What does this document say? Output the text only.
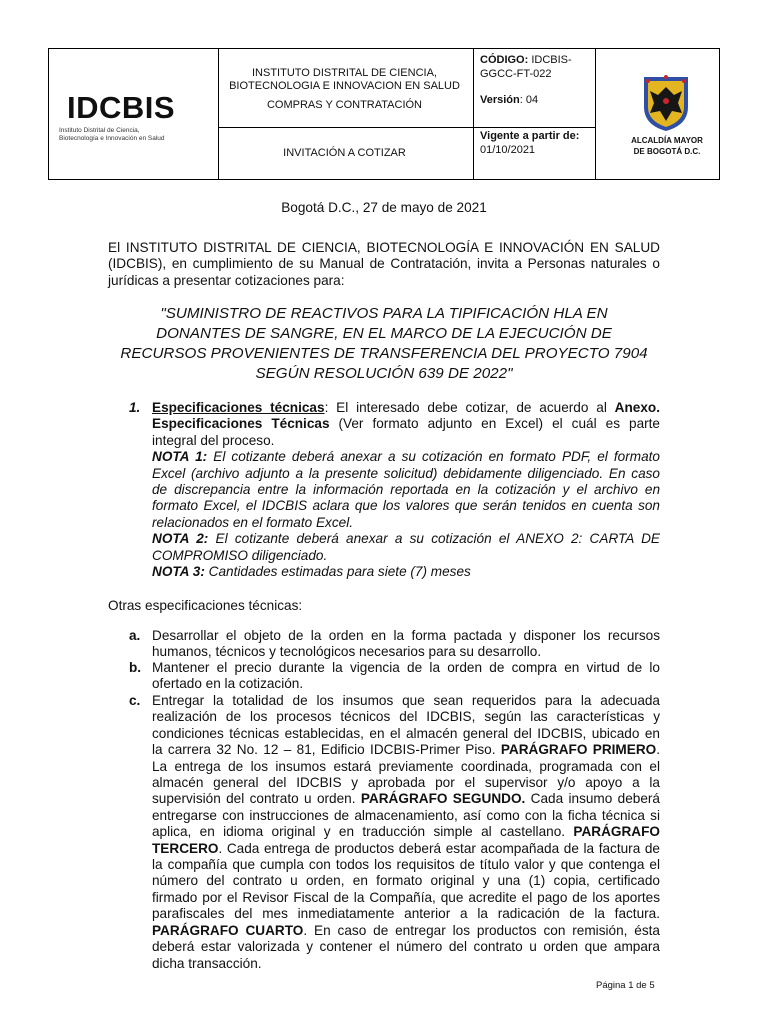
IDCBIS
Instituto Distrital de Ciencia,
Biotecnología e Innovación en Salud
INSTITUTO DISTRITAL DE CIENCIA,
BIOTECNOLOGIA E INNOVACION EN SALUD
COMPRAS Y CONTRATACIÓN
INVITACIÓN A COTIZAR
CÓDIGO: IDCBIS-
GGCC-FT-022
Versión: 04
Vigente a partir de:
01/10/2021
ALCALDÍA MAYOR
DE BOGOTÁ D.C.
Bogotá D.C., 27 de mayo de 2021
El INSTITUTO DISTRITAL DE CIENCIA, BIOTECNOLOGÍA E INNOVACIÓN EN SALUD
(IDCBIS), en cumplimiento de su Manual de Contratación, invita a Personas naturales o
jurídicas a presentar cotizaciones para:
"SUMINISTRO DE REACTIVOS PARA LA TIPIFICACIÓN HLA EN
DONANTES DE SANGRE, EN EL MARCO DE LA EJECUCIÓN DE
RECURSOS PROVENIENTES DE TRANSFERENCIA DEL PROYECTO 7904
SEGÚN RESOLUCIÓN 639 DE 2022"
1. Especificaciones técnicas: El interesado debe cotizar, de acuerdo al Anexo.
Especificaciones Técnicas (Ver formato adjunto en Excel) el cuál es parte
integral del proceso.
NOTA 1: El cotizante deberá anexar a su cotización en formato PDF, el formato
Excel (archivo adjunto a la presente solicitud) debidamente diligenciado. En caso
de discrepancia entre la información reportada en la cotización y el archivo en
formato Excel, el IDCBIS aclara que los valores que serán tenidos en cuenta son
relacionados en el formato Excel.
NOTA 2: El cotizante deberá anexar a su cotización el ANEXO 2: CARTA DE
COMPROMISO diligenciado.
NOTA 3: Cantidades estimadas para siete (7) meses
Otras especificaciones técnicas:
a. Desarrollar el objeto de la orden en la forma pactada y disponer los recursos
humanos, técnicos y tecnológicos necesarios para su desarrollo.
b. Mantener el precio durante la vigencia de la orden de compra en virtud de lo
ofertado en la cotización.
c. Entregar la totalidad de los insumos que sean requeridos para la adecuada
realización de los procesos técnicos del IDCBIS, según las características y
condiciones técnicas establecidas, en el almacén general del IDCBIS, ubicado en
la carrera 32 No. 12 – 81, Edificio IDCBIS-Primer Piso. PARÁGRAFO PRIMERO.
La entrega de los insumos estará previamente coordinada, programada con el
almacén general del IDCBIS y aprobada por el supervisor y/o apoyo a la
supervisión del contrato u orden. PARÁGRAFO SEGUNDO. Cada insumo deberá
entregarse con instrucciones de almacenamiento, así como con la ficha técnica si
aplica, en idioma original y en traducción simple al castellano. PARÁGRAFO
TERCERO. Cada entrega de productos deberá estar acompañada de la factura de
la compañía que cumpla con todos los requisitos de título valor y que contenga el
número del contrato u orden, en formato original y una (1) copia, certificado
firmado por el Revisor Fiscal de la Compañía, que acredite el pago de los aportes
parafiscales del mes inmediatamente anterior a la radicación de la factura.
PARÁGRAFO CUARTO. En caso de entregar los productos con remisión, ésta
deberá estar valorizada y contener el número del contrato u orden que ampara
dicha transacción.
Página 1 de 5
